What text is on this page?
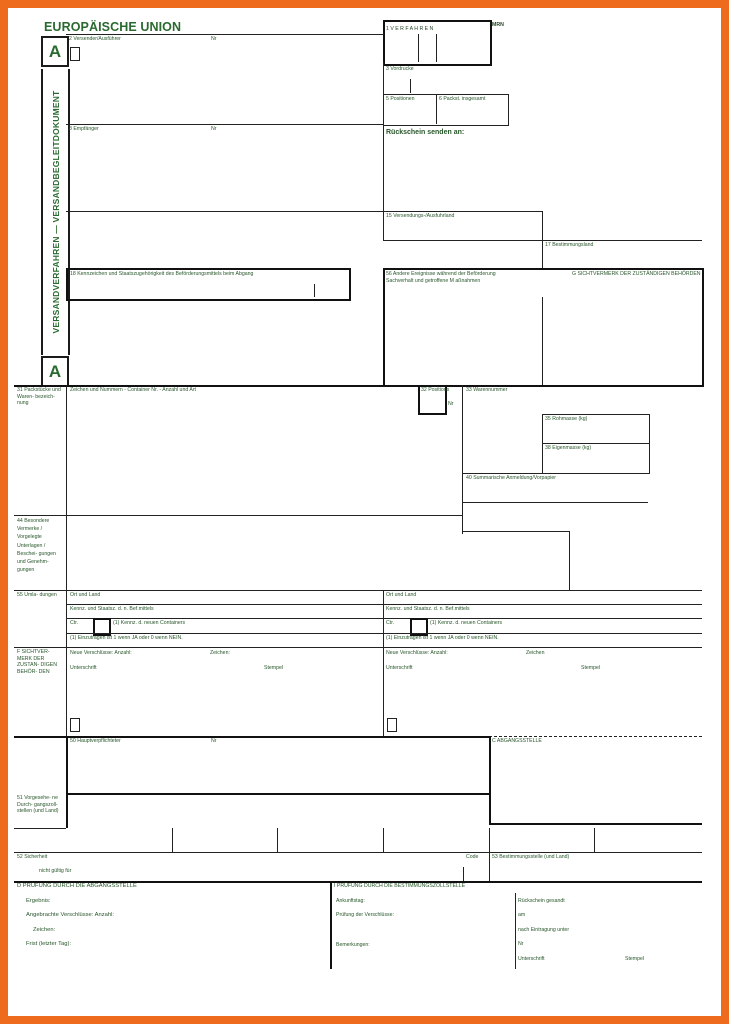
EUROPÄISCHE UNION
A
VERSANDVERFAHREN — VERSANDBEGLEITDOKUMENT
A
1 V E R F A H R E N
MRN
2 Versender/Ausführer	Nr
3 Vordrucke
5 Positionen	6 Packst. insgesamt
8 Empfänger	Nr	Rückschein senden an:
15 Versendungs-/Ausfuhrland
17 Bestimmungsland
18 Kennzeichen und Staatszugehörigkeit des Beförderungsmittels beim Abgang	56 Andere Ereignisse während der Beförderung
Sachverhalt und getroffene M aßnahmen
G SICHTVERMERK DER ZUSTÄNDIGEN BEHÖRDEN
31 Packstücke und Waren- bezeich- nung
Zeichen und Nummern - Container Nr. - Anzahl und Art	32 Positions
Nr
33 Warennummer
35 Rohmasse (kg)
38 Eigenmasse (kg)
40 Summarische Anmeldung/Vorpapier
44 Besondere Vermerke / Vorgelegte Unterlagen / Beschei- gungen und Genehm- gungen
55 Umla- dungen	Ort und Land	Ort und Land
Kennz. und Staatsz. d. n. Bef.mittels	Kennz. und Staatsz. d. n. Bef.mittels
Ctr.	(1) Kennz. d. neuen Containers	Ctr.	(1) Kennz. d. neuen Containers
(1) Einzutragen ist 1 wenn JA oder 0 wenn NEIN.	(1) Einzutragen ist 1 wenn JA oder 0 wenn NEIN.
F SICHTVER- MERK DER ZUSTAN- DIGEN BEHÖR- DEN
Neue Verschlüsse: Anzahl:	Zeichen:
Unterschrift	Stempel
Neue Verschlüsse: Anzahl:	Zeichen
Unterschrift	Stempel
50 Hauptverpflichteter	Nr	C ABGANGSSTELLE
51 Vorgesehe- ne Durch- gangszoll- stellen (und Land)
52 Sicherheit	Code	53 Bestimmungsstelle (und Land)
nicht gültig für
D PRÜFUNG DURCH DIE ABGANGSSTELLE
Ergebnis:
Angebrachte Verschlüsse: Anzahl:
Zeichen:
Frist (letzter Tag):
I PRÜFUNG DURCH DIE BESTIMMUNGSZOLLSTELLE
Ankunftstag:
Prüfung der Verschlüsse:
Bemerkungen:
Rückschein gesandt
am
nach Eintragung unter
Nr
Unterschrift	Stempel
